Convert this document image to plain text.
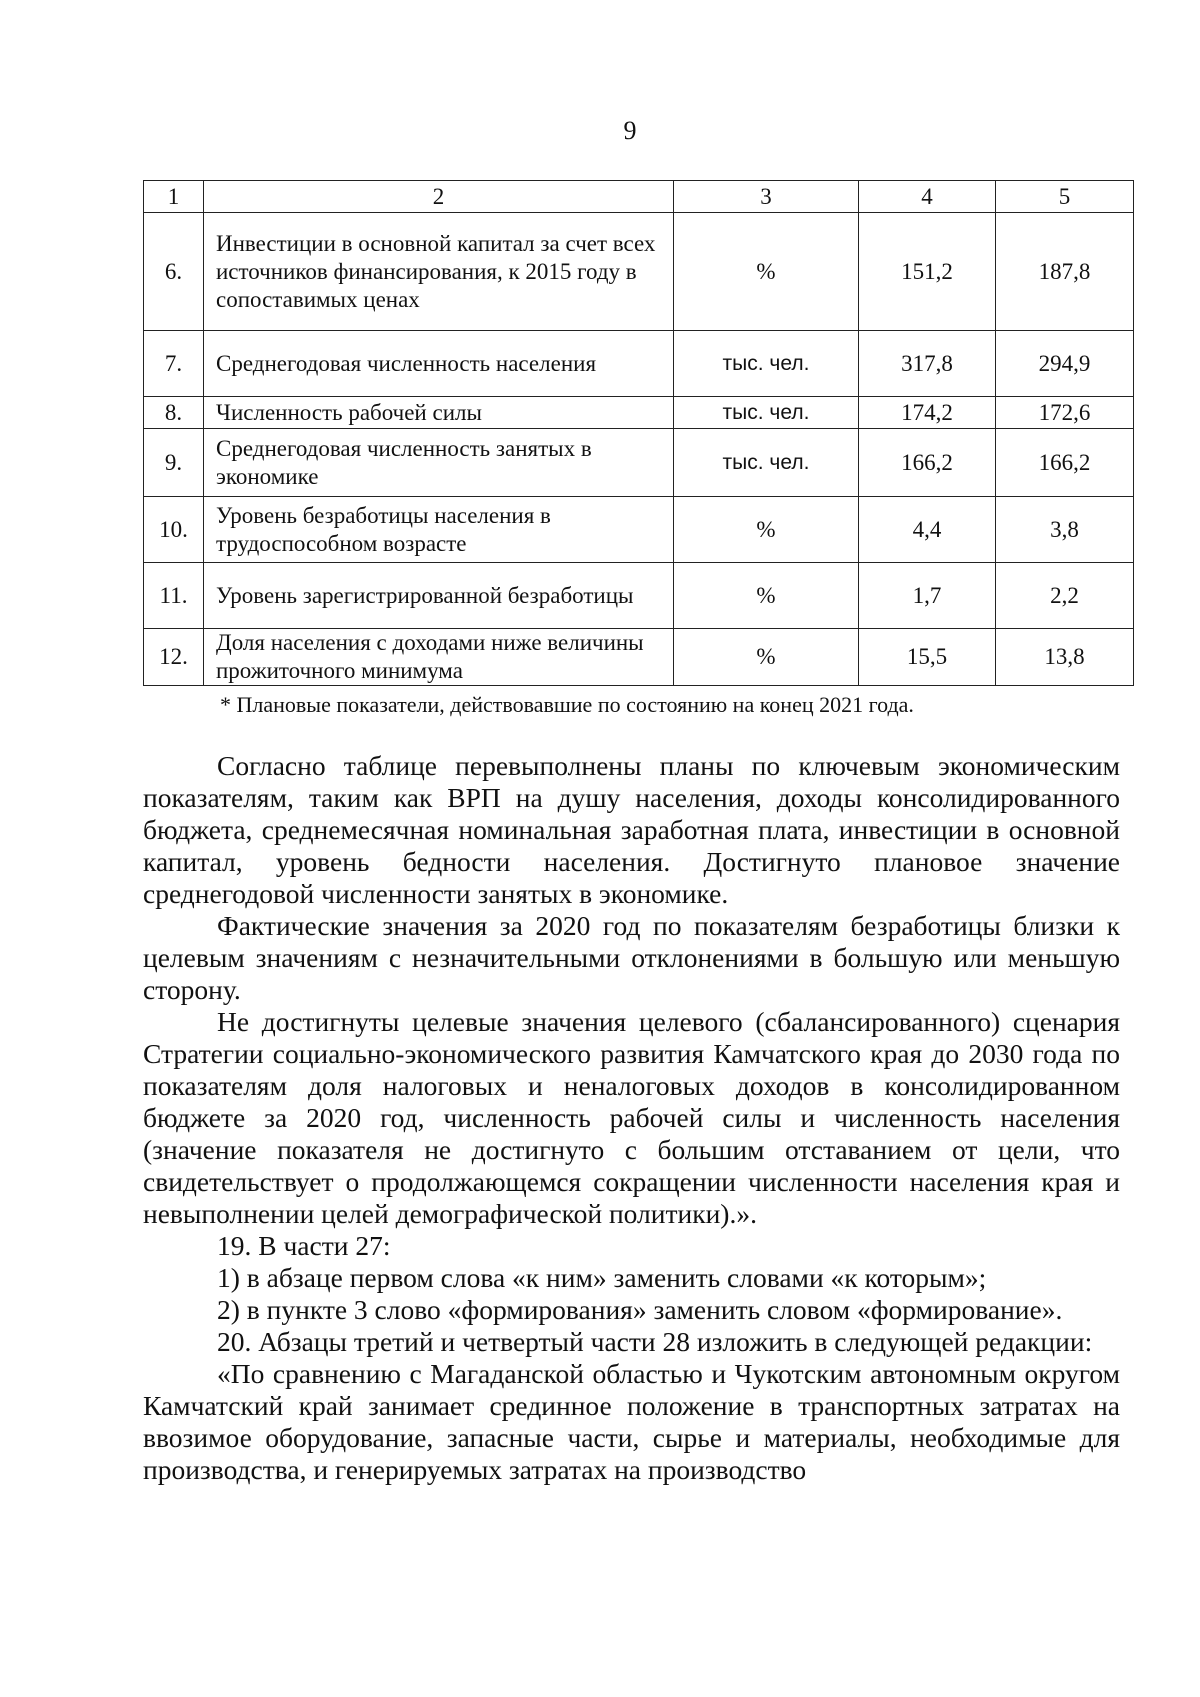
9
1	2	3	4	5
6.	Инвестиции в основной капитал за счет всех источников финансирования, к 2015 году в сопоставимых ценах	%	151,2	187,8
7.	Среднегодовая численность населения	тыс. чел.	317,8	294,9
8.	Численность рабочей силы	тыс. чел.	174,2	172,6
9.	Среднегодовая численность занятых в экономике	тыс. чел.	166,2	166,2
10.	Уровень безработицы населения в трудоспособном возрасте	%	4,4	3,8
11.	Уровень зарегистрированной безработицы	%	1,7	2,2
12.	Доля населения с доходами ниже величины прожиточного минимума	%	15,5	13,8
* Плановые показатели, действовавшие по состоянию на конец 2021 года.

Согласно таблице перевыполнены планы по ключевым экономическим показателям, таким как ВРП на душу населения, доходы консолидированного бюджета, среднемесячная номинальная заработная плата, инвестиции в основной капитал, уровень бедности населения. Достигнуто плановое значение среднегодовой численности занятых в экономике.

Фактические значения за 2020 год по показателям безработицы близки к целевым значениям с незначительными отклонениями в большую или меньшую сторону.

Не достигнуты целевые значения целевого (сбалансированного) сценария Стратегии социально-экономического развития Камчатского края до 2030 года по показателям доля налоговых и неналоговых доходов в консолидированном бюджете за 2020 год, численность рабочей силы и численность населения (значение показателя не достигнуто с большим отставанием от цели, что свидетельствует о продолжающемся сокращении численности населения края и невыполнении целей демографической политики).».

19. В части 27:

1) в абзаце первом слова «к ним» заменить словами «к которым»;

2) в пункте 3 слово «формирования» заменить словом «формирование».

20. Абзацы третий и четвертый части 28 изложить в следующей редакции:

«По сравнению с Магаданской областью и Чукотским автономным округом Камчатский край занимает срединное положение в транспортных затратах на ввозимое оборудование, запасные части, сырье и материалы, необходимые для производства, и генерируемых затратах на производство
